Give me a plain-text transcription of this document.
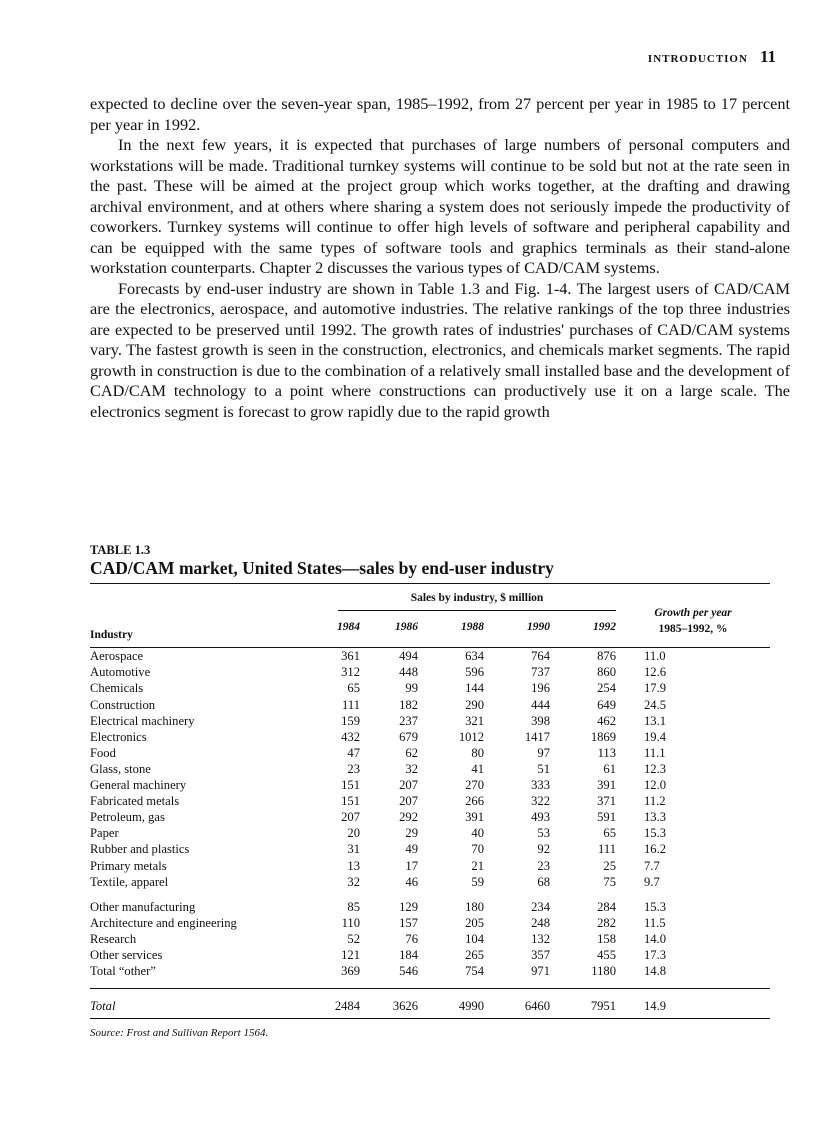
INTRODUCTION 11

expected to decline over the seven-year span, 1985–1992, from 27 percent per year in 1985 to 17 percent per year in 1992.

In the next few years, it is expected that purchases of large numbers of personal computers and workstations will be made. Traditional turnkey systems will continue to be sold but not at the rate seen in the past. These will be aimed at the project group which works together, at the drafting and drawing archival environment, and at others where sharing a system does not seriously impede the productivity of coworkers. Turnkey systems will continue to offer high levels of software and peripheral capability and can be equipped with the same types of software tools and graphics terminals as their stand-alone workstation counterparts. Chapter 2 discusses the various types of CAD/CAM systems.

Forecasts by end-user industry are shown in Table 1.3 and Fig. 1-4. The largest users of CAD/CAM are the electronics, aerospace, and automotive industries. The relative rankings of the top three industries are expected to be preserved until 1992. The growth rates of industries' purchases of CAD/CAM systems vary. The fastest growth is seen in the construction, electronics, and chemicals market segments. The rapid growth in construction is due to the combination of a relatively small installed base and the development of CAD/CAM technology to a point where constructions can productively use it on a large scale. The electronics segment is forecast to grow rapidly due to the rapid growth

TABLE 1.3
CAD/CAM market, United States—sales by end-user industry

	Sales by industry, $ million					

Industry	1984	1986	1988	1990	1992	Growth per year
1985–1992, %

Aerospace	361	494	634	764	876	11.0
Automotive	312	448	596	737	860	12.6
Chemicals	65	99	144	196	254	17.9
Construction	111	182	290	444	649	24.5
Electrical machinery	159	237	321	398	462	13.1
Electronics	432	679	1012	1417	1869	19.4
Food	47	62	80	97	113	11.1
Glass, stone	23	32	41	51	61	12.3
General machinery	151	207	270	333	391	12.0
Fabricated metals	151	207	266	322	371	11.2
Petroleum, gas	207	292	391	493	591	13.3
Paper	20	29	40	53	65	15.3
Rubber and plastics	31	49	70	92	111	16.2
Primary metals	13	17	21	23	25	7.7
Textile, apparel	32	46	59	68	75	9.7

Other manufacturing	85	129	180	234	284	15.3
Architecture and engineering	110	157	205	248	282	11.5
Research	52	76	104	132	158	14.0
Other services	121	184	265	357	455	17.3
Total “other”	369	546	754	971	1180	14.8

Total	2484	3626	4990	6460	7951	14.9
Source: Frost and Sullivan Report 1564.
